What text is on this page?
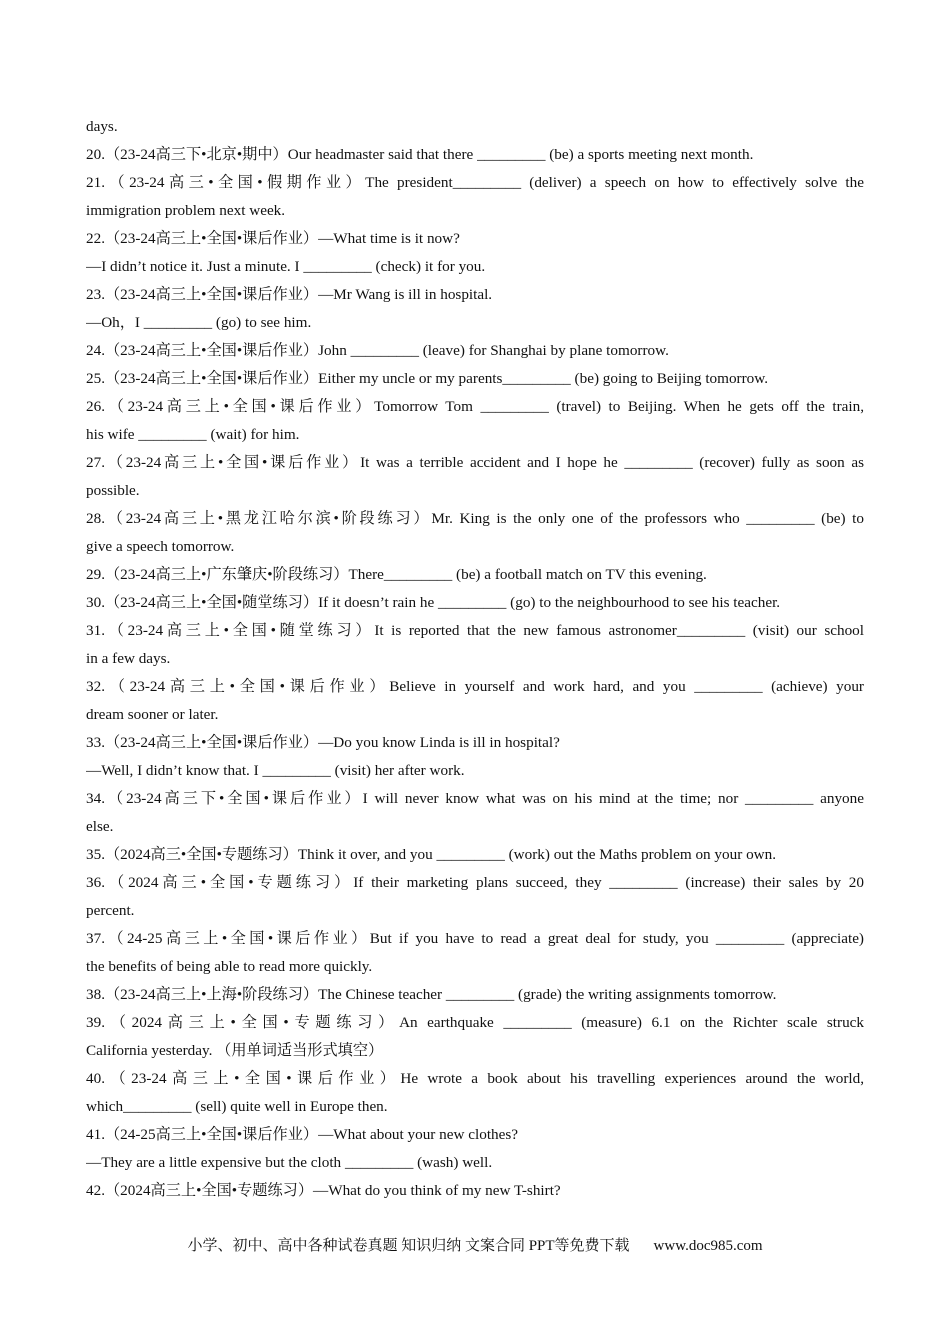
days.
20.（23-24高三下•北京•期中）Our headmaster said that there _________ (be) a sports meeting next month.
21.（23-24高三•全国•假期作业）The president_________ (deliver) a speech on how to effectively solve the
immigration problem next week.
22.（23-24高三上•全国•课后作业）—What time is it now?
—I didn’t notice it. Just a minute. I _________ (check) it for you.
23.（23-24高三上•全国•课后作业）—Mr Wang is ill in hospital.
—Oh，I _________ (go) to see him.
24.（23-24高三上•全国•课后作业）John _________ (leave) for Shanghai by plane tomorrow.
25.（23-24高三上•全国•课后作业）Either my uncle or my parents_________ (be) going to Beijing tomorrow.
26.（23-24高三上•全国•课后作业）Tomorrow Tom _________ (travel) to Beijing. When he gets off the train,
his wife _________ (wait) for him.
27.（23-24高三上•全国•课后作业）It was a terrible accident and I hope he _________ (recover) fully as soon as
possible.
28.（23-24高三上•黑龙江哈尔滨•阶段练习）Mr. King is the only one of the professors who _________ (be) to
give a speech tomorrow.
29.（23-24高三上•广东肇庆•阶段练习）There_________ (be) a football match on TV this evening.
30.（23-24高三上•全国•随堂练习）If it doesn’t rain he _________ (go) to the neighbourhood to see his teacher.
31.（23-24高三上•全国•随堂练习）It is reported that the new famous astronomer_________ (visit) our school
in a few days.
32.（23-24高三上•全国•课后作业）Believe in yourself and work hard, and you _________ (achieve) your
dream sooner or later.
33.（23-24高三上•全国•课后作业）—Do you know Linda is ill in hospital?
—Well, I didn’t know that. I _________ (visit) her after work.
34.（23-24高三下•全国•课后作业）I will never know what was on his mind at the time; nor _________ anyone
else.
35.（2024高三•全国•专题练习）Think it over, and you _________ (work) out the Maths problem on your own.
36.（2024高三•全国•专题练习）If their marketing plans succeed, they _________ (increase) their sales by 20
percent.
37.（24-25高三上•全国•课后作业）But if you have to read a great deal for study, you _________ (appreciate)
the benefits of being able to read more quickly.
38.（23-24高三上•上海•阶段练习）The Chinese teacher _________ (grade) the writing assignments tomorrow.
39.（2024高三上•全国•专题练习）An earthquake _________ (measure) 6.1 on the Richter scale struck
California yesterday. （用单词适当形式填空）
40.（23-24高三上•全国•课后作业）He wrote a book about his travelling experiences around the world,
which_________ (sell) quite well in Europe then.
41.（24-25高三上•全国•课后作业）—What about your new clothes?
—They are a little expensive but the cloth _________ (wash) well.
42.（2024高三上•全国•专题练习）—What do you think of my new T-shirt?
小学、初中、高中各种试卷真题 知识归纳 文案合同 PPT等免费下载 www.doc985.com
